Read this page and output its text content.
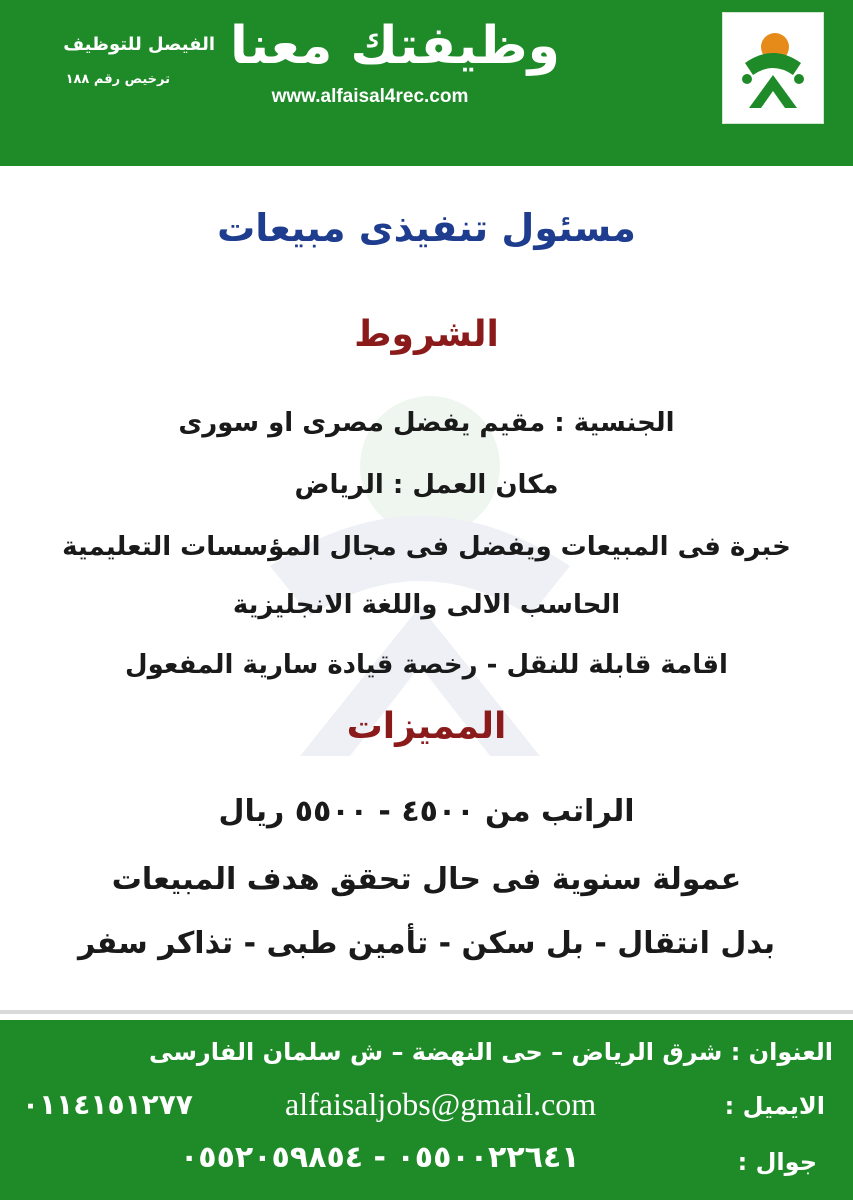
الفيصل للتوظيف
ترخيص رقم ١٨٨
وظيفتك معنا
www.alfaisal4rec.com
مسئول تنفيذى مبيعات
الشروط
الجنسية : مقيم يفضل مصرى او سورى
مكان العمل : الرياض
خبرة فى المبيعات ويفضل فى مجال المؤسسات التعليمية
الحاسب الالى واللغة الانجليزية
اقامة قابلة للنقل - رخصة قيادة سارية المفعول
المميزات
الراتب من ٤٥٠٠ - ٥٥٠٠ ريال
عمولة سنوية فى حال تحقق هدف المبيعات
بدل انتقال - بل سكن - تأمين طبى - تذاكر سفر
العنوان : شرق الرياض – حى النهضة – ش سلمان الفارسى
الايميل :
alfaisaljobs@gmail.com
٠١١٤١٥١٢٧٧
جوال :
٠٥٥٠٠٢٢٦٤١ - ٠٥٥٢٠٥٩٨٥٤
